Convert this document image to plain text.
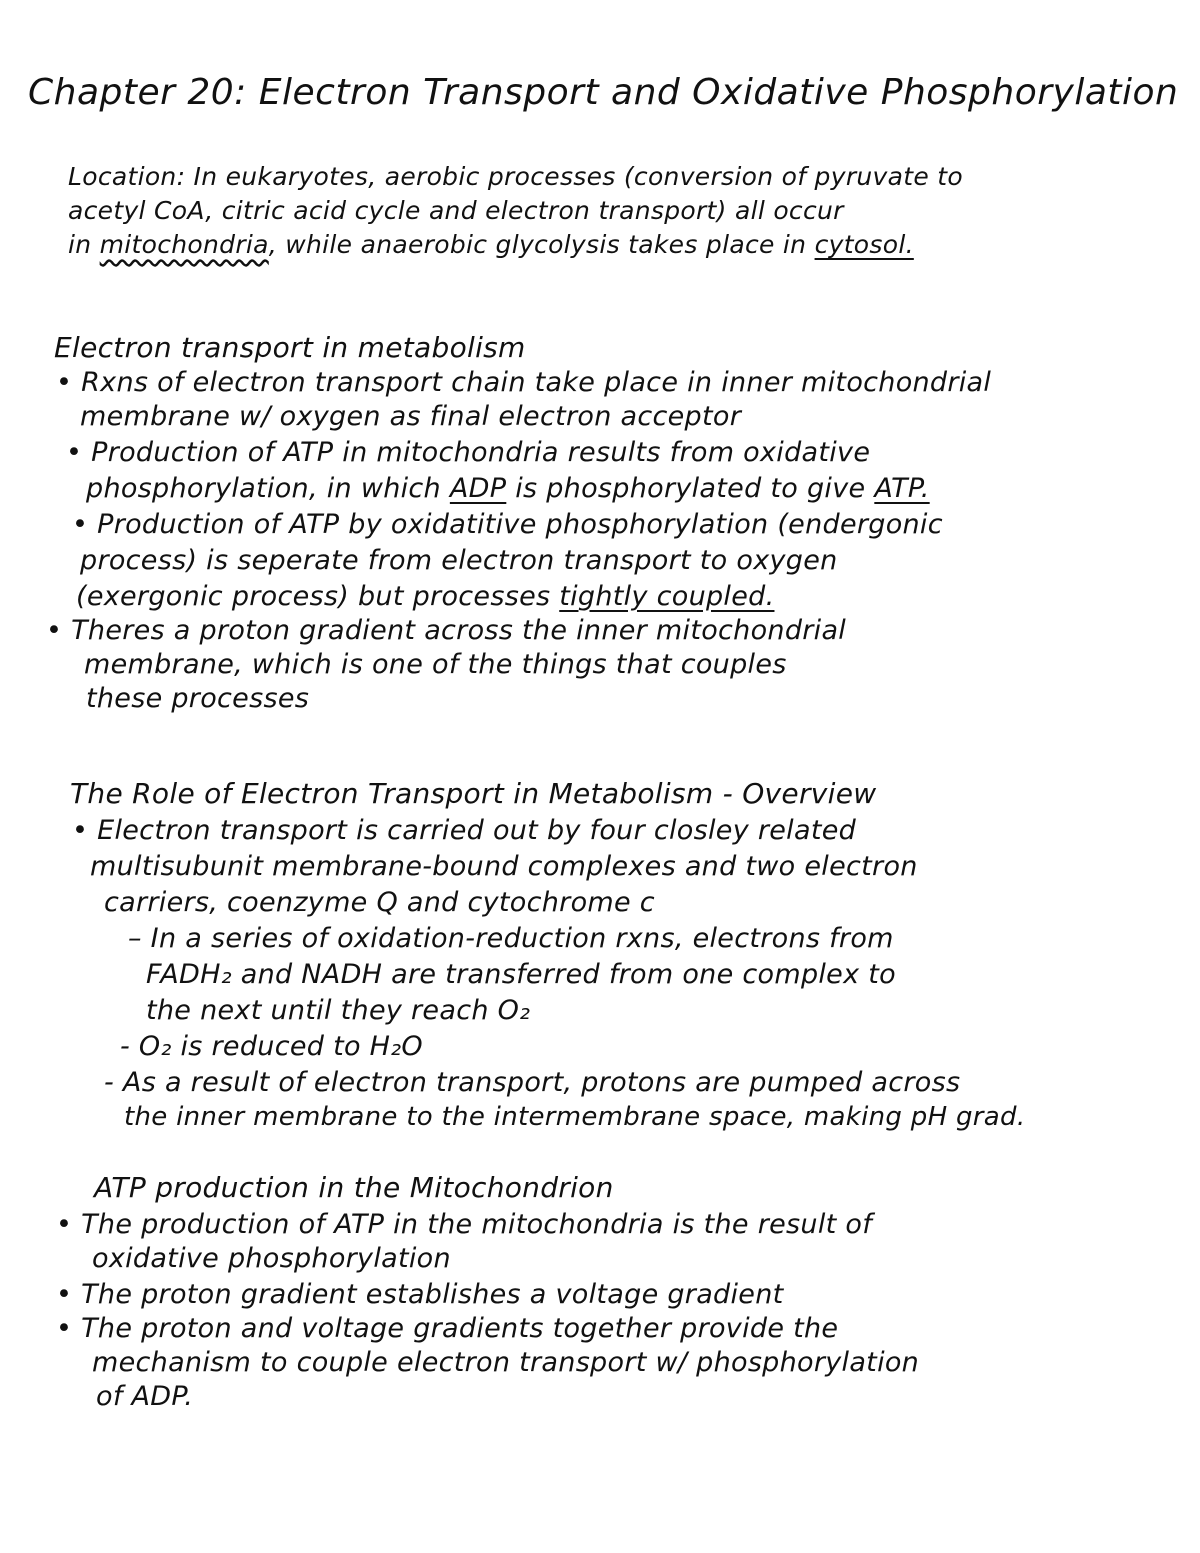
Chapter 20: Electron Transport and Oxidative Phosphorylation
Location: In eukaryotes, aerobic processes (conversion of pyruvate to
acetyl CoA, citric acid cycle and electron transport) all occur
in mitochondria, while anaerobic glycolysis takes place in cytosol.
Electron transport in metabolism
• Rxns of electron transport chain take place in inner mitochondrial
membrane w/ oxygen as final electron acceptor
• Production of ATP in mitochondria results from oxidative
phosphorylation, in which ADP is phosphorylated to give ATP.
• Production of ATP by oxidatitive phosphorylation (endergonic
process) is seperate from electron transport to oxygen
(exergonic process) but processes tightly coupled.
• Theres a proton gradient across the inner mitochondrial
membrane, which is one of the things that couples
these processes
The Role of Electron Transport in Metabolism - Overview
• Electron transport is carried out by four closley related
multisubunit membrane-bound complexes and two electron
carriers, coenzyme Q and cytochrome c
– In a series of oxidation-reduction rxns, electrons from
FADH₂ and NADH are transferred from one complex to
the next until they reach O₂
- O₂ is reduced to H₂O
- As a result of electron transport, protons are pumped across
the inner membrane to the intermembrane space, making pH grad.
ATP production in the Mitochondrion
• The production of ATP in the mitochondria is the result of
oxidative phosphorylation
• The proton gradient establishes a voltage gradient
• The proton and voltage gradients together provide the
mechanism to couple electron transport w/ phosphorylation
of ADP.
